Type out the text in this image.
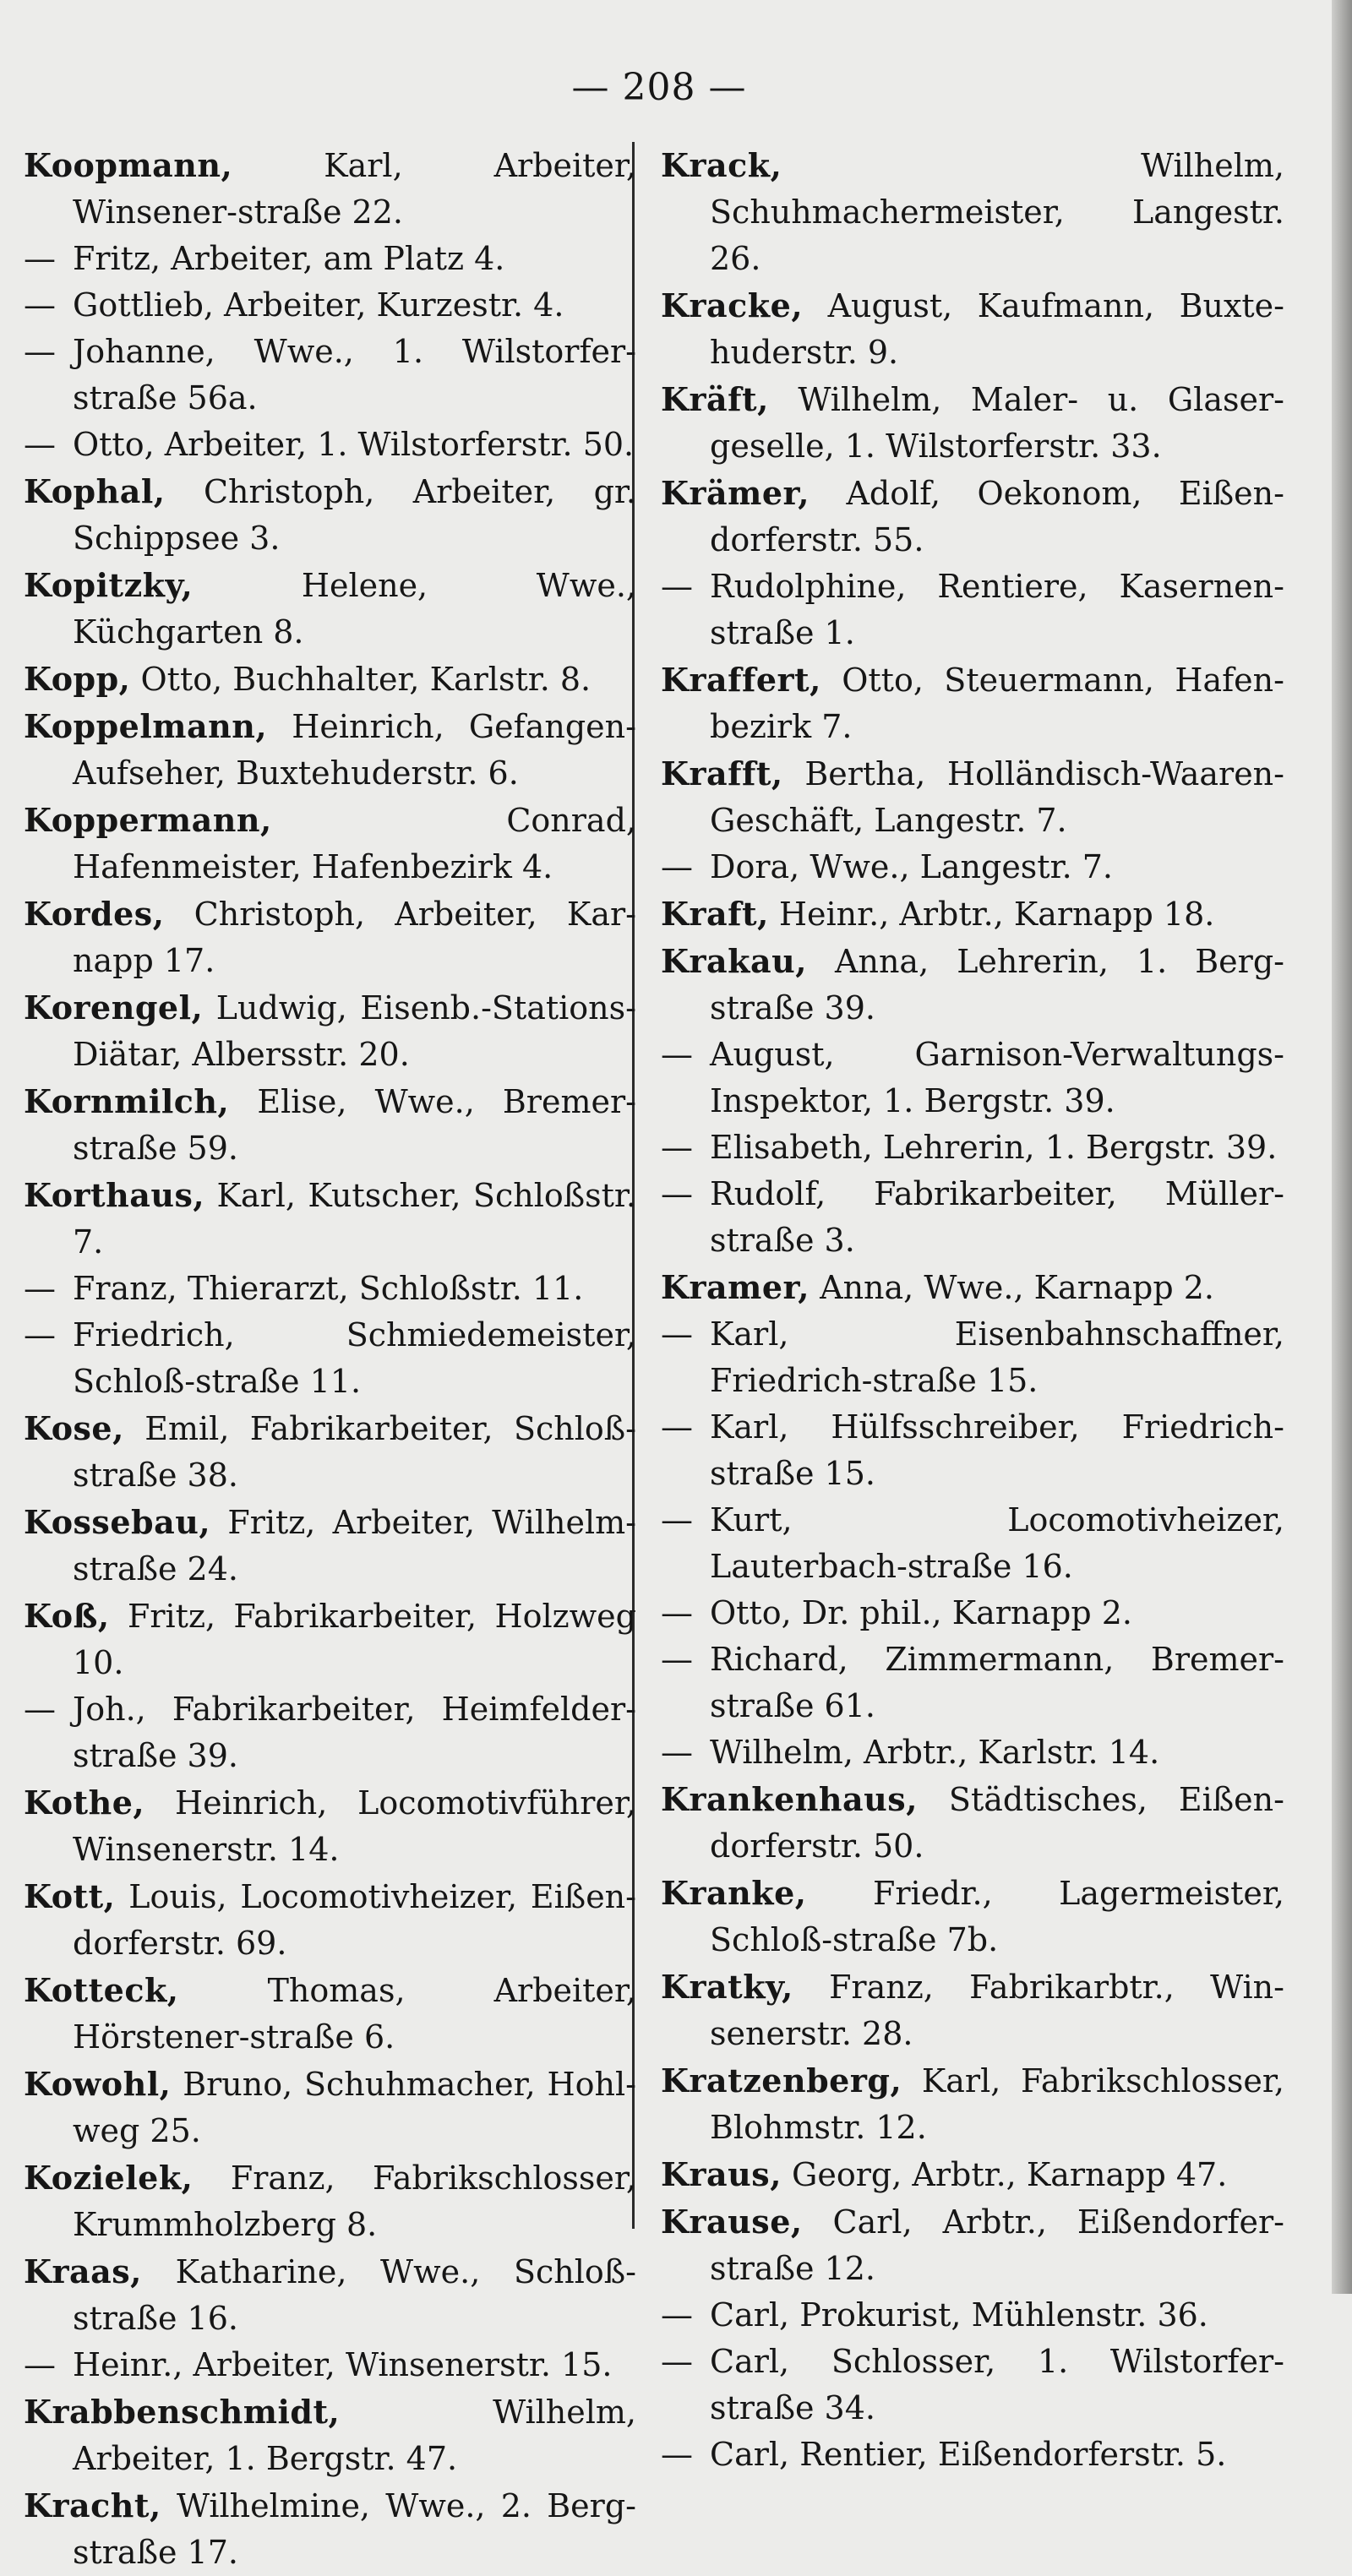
— 208 —

Koopmann,	Karl, Arbeiter, Winsener-straße 22.

— Fritz, Arbeiter, am Platz 4.

— Gottlieb, Arbeiter, Kurzestr. 4.

— Johanne, Wwe., 1. Wilstorfer-straße 56a.

— Otto, Arbeiter, 1. Wilstorferstr. 50.

Kophal, Christoph, Arbeiter, gr. Schippsee 3.

Kopitzky,	Helene, Wwe., Küchgarten 8.

Kopp, Otto, Buchhalter, Karlstr. 8.

Koppelmann, Heinrich, Gefangen-Aufseher, Buxtehuderstr. 6.

Koppermann,	Conrad, Hafenmeister, Hafenbezirk 4.

Kordes, Christoph, Arbeiter, Kar-napp 17.

Korengel, Ludwig, Eisenb.-Stations-Diätar, Albersstr. 20.

Kornmilch, Elise, Wwe., Bremer-straße 59.

Korthaus, Karl, Kutscher, Schloßstr. 7.

— Franz, Thierarzt, Schloßstr. 11.

— Friedrich, Schmiedemeister, Schloß-straße 11.

Kose, Emil, Fabrikarbeiter, Schloß-straße 38.

Kossebau, Fritz, Arbeiter, Wilhelm-straße 24.

Koß, Fritz, Fabrikarbeiter, Holzweg 10.

— Joh., Fabrikarbeiter, Heimfelder-straße 39.

Kothe, Heinrich, Locomotivführer, Winsenerstr. 14.

Kott, Louis, Locomotivheizer, Eißen-dorferstr. 69.

Kotteck,	Thomas, Arbeiter, Hörstener-straße 6.

Kowohl, Bruno, Schuhmacher, Hohl-weg 25.

Kozielek, Franz, Fabrikschlosser, Krummholzberg 8.

Kraas, Katharine, Wwe., Schloß-straße 16.

— Heinr., Arbeiter, Winsenerstr. 15.

Krabbenschmidt,	Wilhelm, Arbeiter, 1. Bergstr. 47.

Kracht, Wilhelmine, Wwe., 2. Berg-straße 17.

Krack,	Wilhelm, Schuhmachermeister, Langestr. 26.

Kracke, August, Kaufmann, Buxte-huderstr. 9.

Kräft, Wilhelm, Maler- u. Glaser-geselle, 1. Wilstorferstr. 33.

Krämer, Adolf, Oekonom, Eißen-dorferstr. 55.

— Rudolphine, Rentiere, Kasernen-straße 1.

Kraffert, Otto, Steuermann, Hafen-bezirk 7.

Krafft, Bertha, Holländisch-Waaren-Geschäft, Langestr. 7.

— Dora, Wwe., Langestr. 7.

Kraft, Heinr., Arbtr., Karnapp 18.

Krakau, Anna, Lehrerin, 1. Berg-straße 39.

— August, Garnison-Verwaltungs-Inspektor, 1. Bergstr. 39.

— Elisabeth, Lehrerin, 1. Bergstr. 39.

— Rudolf, Fabrikarbeiter, Müller-straße 3.

Kramer, Anna, Wwe., Karnapp 2.

— Karl, Eisenbahnschaffner, Friedrich-straße 15.

— Karl, Hülfsschreiber, Friedrich-straße 15.

— Kurt, Locomotivheizer, Lauterbach-straße 16.

— Otto, Dr. phil., Karnapp 2.

— Richard, Zimmermann, Bremer-straße 61.

— Wilhelm, Arbtr., Karlstr. 14.

Krankenhaus, Städtisches, Eißen-dorferstr. 50.

Kranke, Friedr., Lagermeister, Schloß-straße 7b.

Kratky, Franz, Fabrikarbtr., Win-senerstr. 28.

Kratzenberg, Karl, Fabrikschlosser, Blohmstr. 12.

Kraus, Georg, Arbtr., Karnapp 47.

Krause, Carl, Arbtr., Eißendorfer-straße 12.

— Carl, Prokurist, Mühlenstr. 36.

— Carl, Schlosser, 1. Wilstorfer-straße 34.

— Carl, Rentier, Eißendorferstr. 5.
